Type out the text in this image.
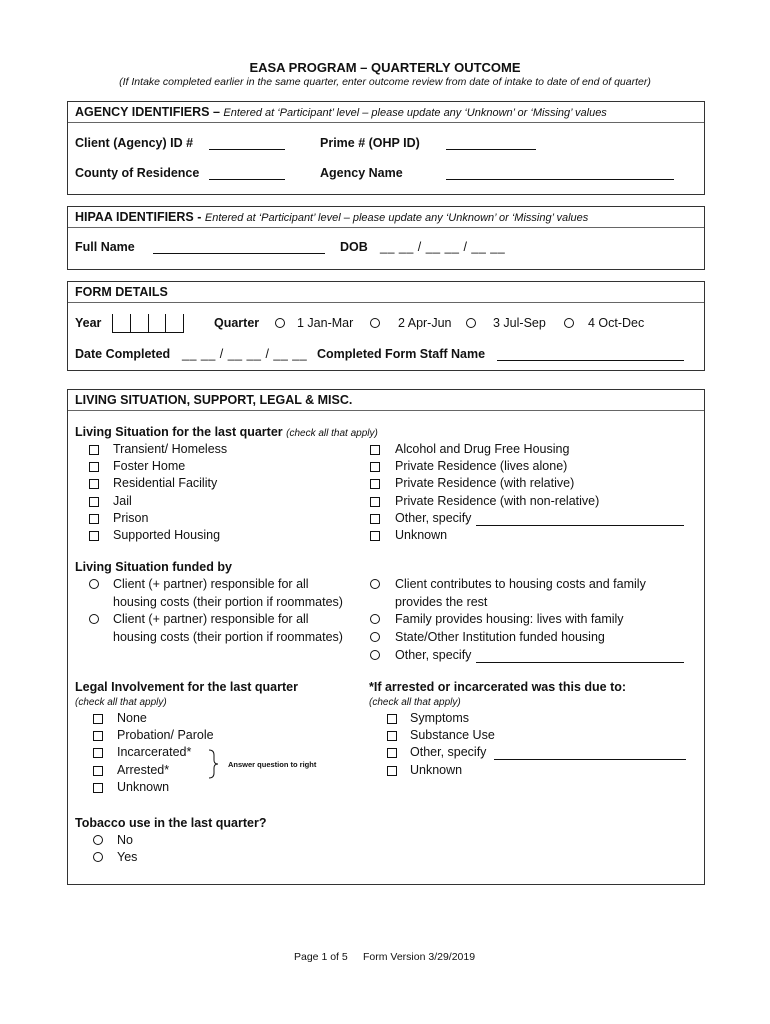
EASA PROGRAM – QUARTERLY OUTCOME
(If Intake completed earlier in the same quarter, enter outcome review from date of intake to date of end of quarter)
AGENCY IDENTIFIERS – Entered at ‘Participant’ level – please update any ‘Unknown’ or ‘Missing’ values
Client (Agency) ID #	Prime # (OHP ID)
County of Residence	Agency Name
HIPAA IDENTIFIERS - Entered at ‘Participant’ level – please update any ‘Unknown’ or ‘Missing’ values
Full Name	DOB __ __ / __ __ / __ __
FORM DETAILS
Year	Quarter	1 Jan-Mar	2 Apr-Jun	3 Jul-Sep	4 Oct-Dec
Date Completed __ __ / __ __ / __ __ Completed Form Staff Name
LIVING SITUATION, SUPPORT, LEGAL & MISC.
Living Situation for the last quarter (check all that apply)
Transient/ Homeless
Foster Home
Residential Facility
Jail
Prison
Supported Housing
Alcohol and Drug Free Housing
Private Residence (lives alone)
Private Residence (with relative)
Private Residence (with non-relative)
Other, specify
Unknown
Living Situation funded by
Client (+ partner) responsible for all
housing costs (their portion if roommates)
Client (+ partner) responsible for all
housing costs (their portion if roommates)
Client contributes to housing costs and family
provides the rest
Family provides housing: lives with family
State/Other Institution funded housing
Other, specify
Legal Involvement for the last quarter
(check all that apply)
None
Probation/ Parole
Incarcerated*
Arrested*
Unknown
Answer question to right
*If arrested or incarcerated was this due to:
(check all that apply)
Symptoms
Substance Use
Other, specify
Unknown
Tobacco use in the last quarter?
No
Yes
Page 1 of 5 Form Version 3/29/2019
